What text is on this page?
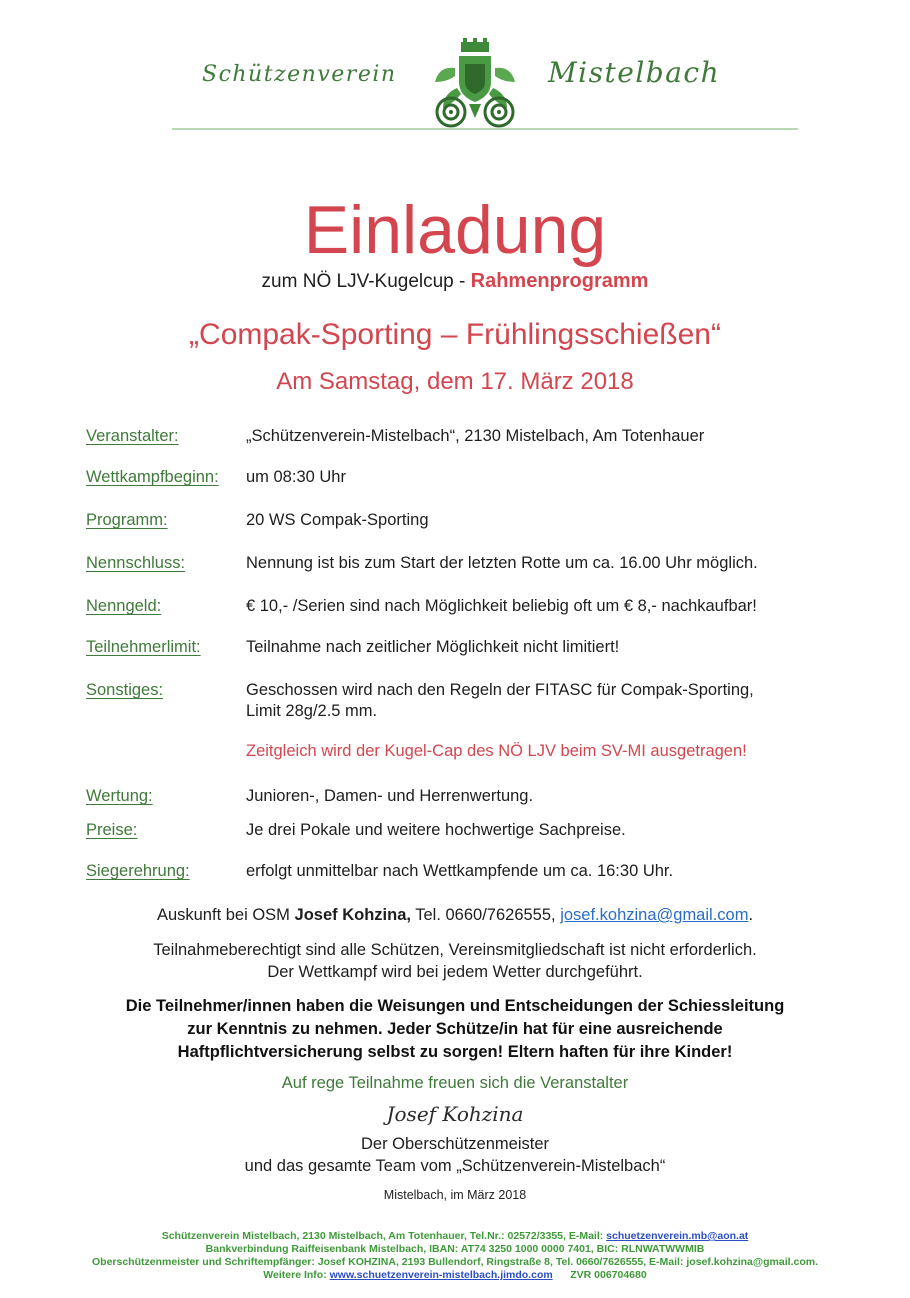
Schützenverein	Mistelbach
Einladung
zum NÖ LJV-Kugelcup - Rahmenprogramm
„Compak-Sporting – Frühlingsschießen“
Am Samstag, dem 17. März 2018
Veranstalter:	„Schützenverein-Mistelbach“, 2130 Mistelbach, Am Totenhauer
Wettkampfbeginn: um 08:30 Uhr
Programm:	20 WS Compak-Sporting
Nennschluss:	Nennung ist bis zum Start der letzten Rotte um ca. 16.00 Uhr möglich.
Nenngeld:	€ 10,- /Serien sind nach Möglichkeit beliebig oft um € 8,- nachkaufbar!
Teilnehmerlimit:	Teilnahme nach zeitlicher Möglichkeit nicht limitiert!
Sonstiges:	Geschossen wird nach den Regeln der FITASC für Compak-Sporting,
Limit 28g/2.5 mm.
Zeitgleich wird der Kugel-Cap des NÖ LJV beim SV-MI ausgetragen!
Wertung:	Junioren-, Damen- und Herrenwertung.
Preise:	Je drei Pokale und weitere hochwertige Sachpreise.
Siegerehrung:	erfolgt unmittelbar nach Wettkampfende um ca. 16:30 Uhr.
Auskunft bei OSM Josef Kohzina, Tel. 0660/7626555, josef.kohzina@gmail.com.
Teilnahmeberechtigt sind alle Schützen, Vereinsmitgliedschaft ist nicht erforderlich.
Der Wettkampf wird bei jedem Wetter durchgeführt.
Die Teilnehmer/innen haben die Weisungen und Entscheidungen der Schiessleitung
zur Kenntnis zu nehmen. Jeder Schütze/in hat für eine ausreichende
Haftpflichtversicherung selbst zu sorgen! Eltern haften für ihre Kinder!
Auf rege Teilnahme freuen sich die Veranstalter
Josef Kohzina
Der Oberschützenmeister
und das gesamte Team vom „Schützenverein-Mistelbach“
Mistelbach, im März 2018
Schützenverein Mistelbach, 2130 Mistelbach, Am Totenhauer, Tel.Nr.: 02572/3355, E-Mail: schuetzenverein.mb@aon.at
Bankverbindung Raiffeisenbank Mistelbach, IBAN: AT74 3250 1000 0000 7401, BIC: RLNWATWWMIB
Oberschützenmeister und Schriftempfänger: Josef KOHZINA, 2193 Bullendorf, Ringstraße 8, Tel. 0660/7626555, E-Mail: josef.kohzina@gmail.com.
Weitere Info: www.schuetzenverein-mistelbach.jimdo.com ZVR 006704680
